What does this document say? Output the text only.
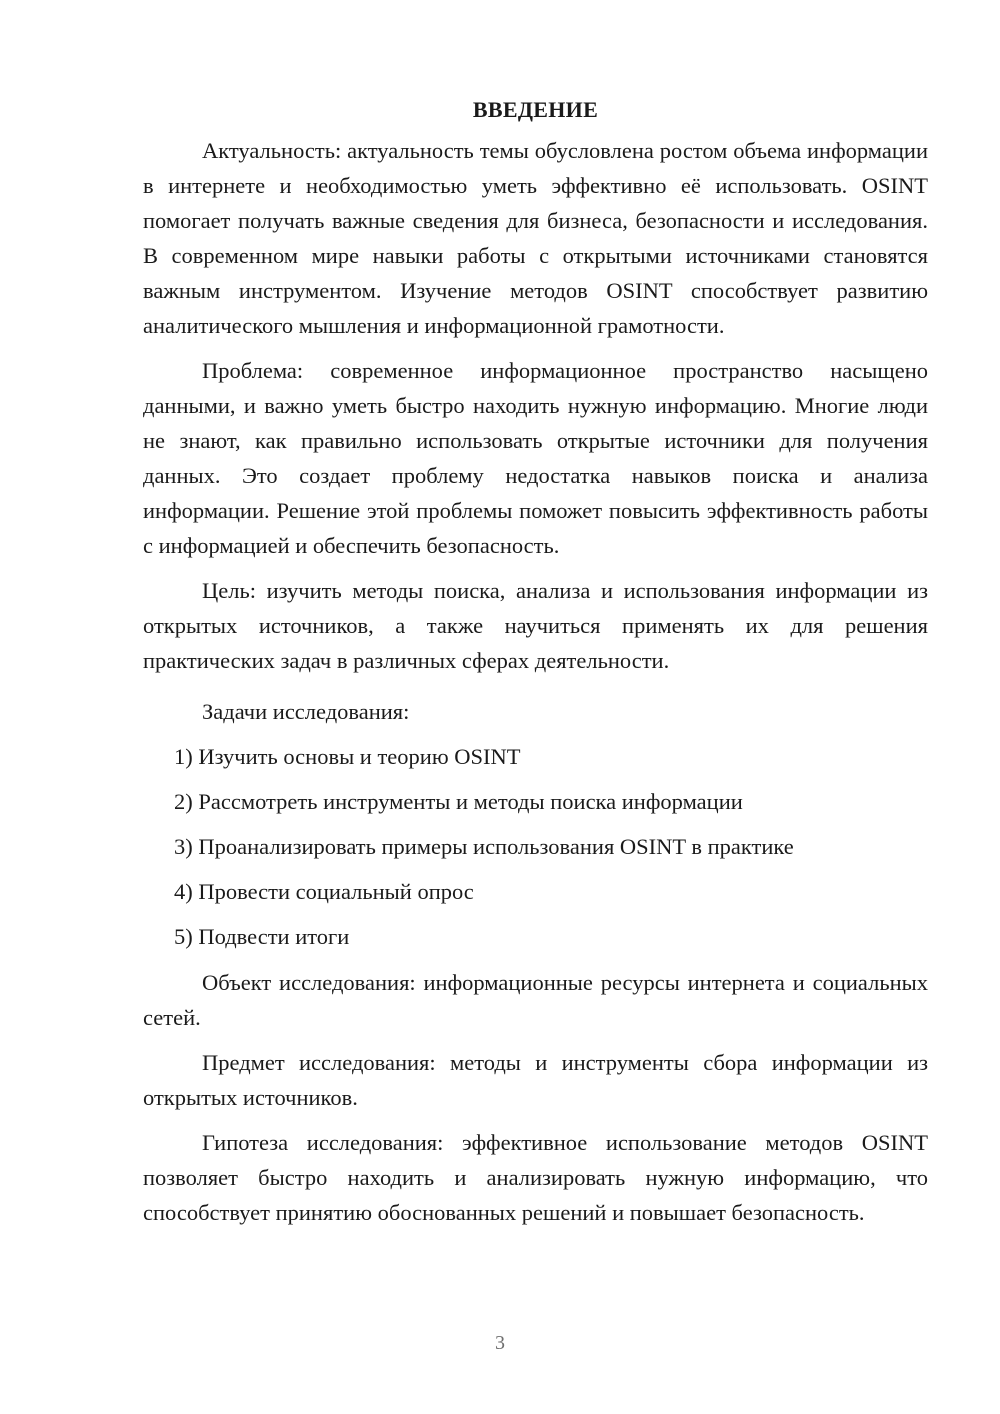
ВВЕДЕНИЕ

Актуальность: актуальность темы обусловлена ростом объема информации в интернете и необходимостью уметь эффективно её использовать. OSINT помогает получать важные сведения для бизнеса, безопасности и исследования. В современном мире навыки работы с открытыми источниками становятся важным инструментом. Изучение методов OSINT способствует развитию аналитического мышления и информационной грамотности.

Проблема: современное информационное пространство насыщено данными, и важно уметь быстро находить нужную информацию. Многие люди не знают, как правильно использовать открытые источники для получения данных. Это создает проблему недостатка навыков поиска и анализа информации. Решение этой проблемы поможет повысить эффективность работы с информацией и обеспечить безопасность.

Цель: изучить методы поиска, анализа и использования информации из открытых источников, а также научиться применять их для решения практических задач в различных сферах деятельности.

Задачи исследования:

1) Изучить основы и теорию OSINT
2) Рассмотреть инструменты и методы поиска информации
3) Проанализировать примеры использования OSINT в практике
4) Провести социальный опрос
5) Подвести итоги

Объект исследования: информационные ресурсы интернета и социальных сетей.

Предмет исследования: методы и инструменты сбора информации из открытых источников.

Гипотеза исследования: эффективное использование методов OSINT позволяет быстро находить и анализировать нужную информацию, что способствует принятию обоснованных решений и повышает безопасность.

3
